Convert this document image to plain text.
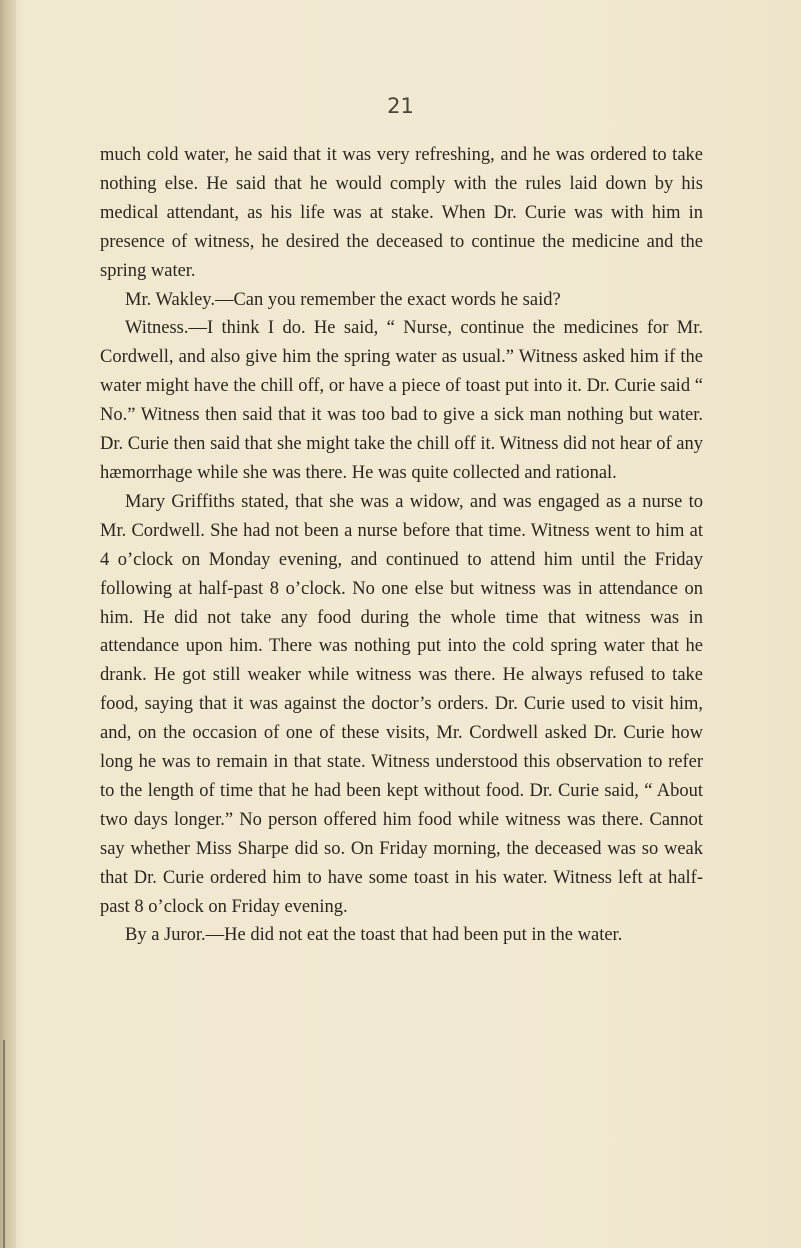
21

much cold water, he said that it was very refreshing, and he was ordered to take nothing else. He said that he would comply with the rules laid down by his medical attendant, as his life was at stake. When Dr. Curie was with him in presence of witness, he desired the deceased to continue the medicine and the spring water.

Mr. Wakley.—Can you remember the exact words he said?

Witness.—I think I do. He said, “ Nurse, continue the medicines for Mr. Cordwell, and also give him the spring water as usual.” Witness asked him if the water might have the chill off, or have a piece of toast put into it. Dr. Curie said “ No.” Witness then said that it was too bad to give a sick man nothing but water. Dr. Curie then said that she might take the chill off it. Witness did not hear of any hæmorrhage while she was there. He was quite collected and rational.

Mary Griffiths stated, that she was a widow, and was engaged as a nurse to Mr. Cordwell. She had not been a nurse before that time. Witness went to him at 4 o’clock on Monday evening, and continued to attend him until the Friday following at half-past 8 o’clock. No one else but witness was in attendance on him. He did not take any food during the whole time that witness was in attendance upon him. There was nothing put into the cold spring water that he drank. He got still weaker while witness was there. He always refused to take food, saying that it was against the doctor’s orders. Dr. Curie used to visit him, and, on the occasion of one of these visits, Mr. Cordwell asked Dr. Curie how long he was to remain in that state. Witness understood this observation to refer to the length of time that he had been kept without food. Dr. Curie said, “ About two days longer.” No person offered him food while witness was there. Cannot say whether Miss Sharpe did so. On Friday morning, the deceased was so weak that Dr. Curie ordered him to have some toast in his water. Witness left at half-past 8 o’clock on Friday evening.

By a Juror.—He did not eat the toast that had been put in the water.
